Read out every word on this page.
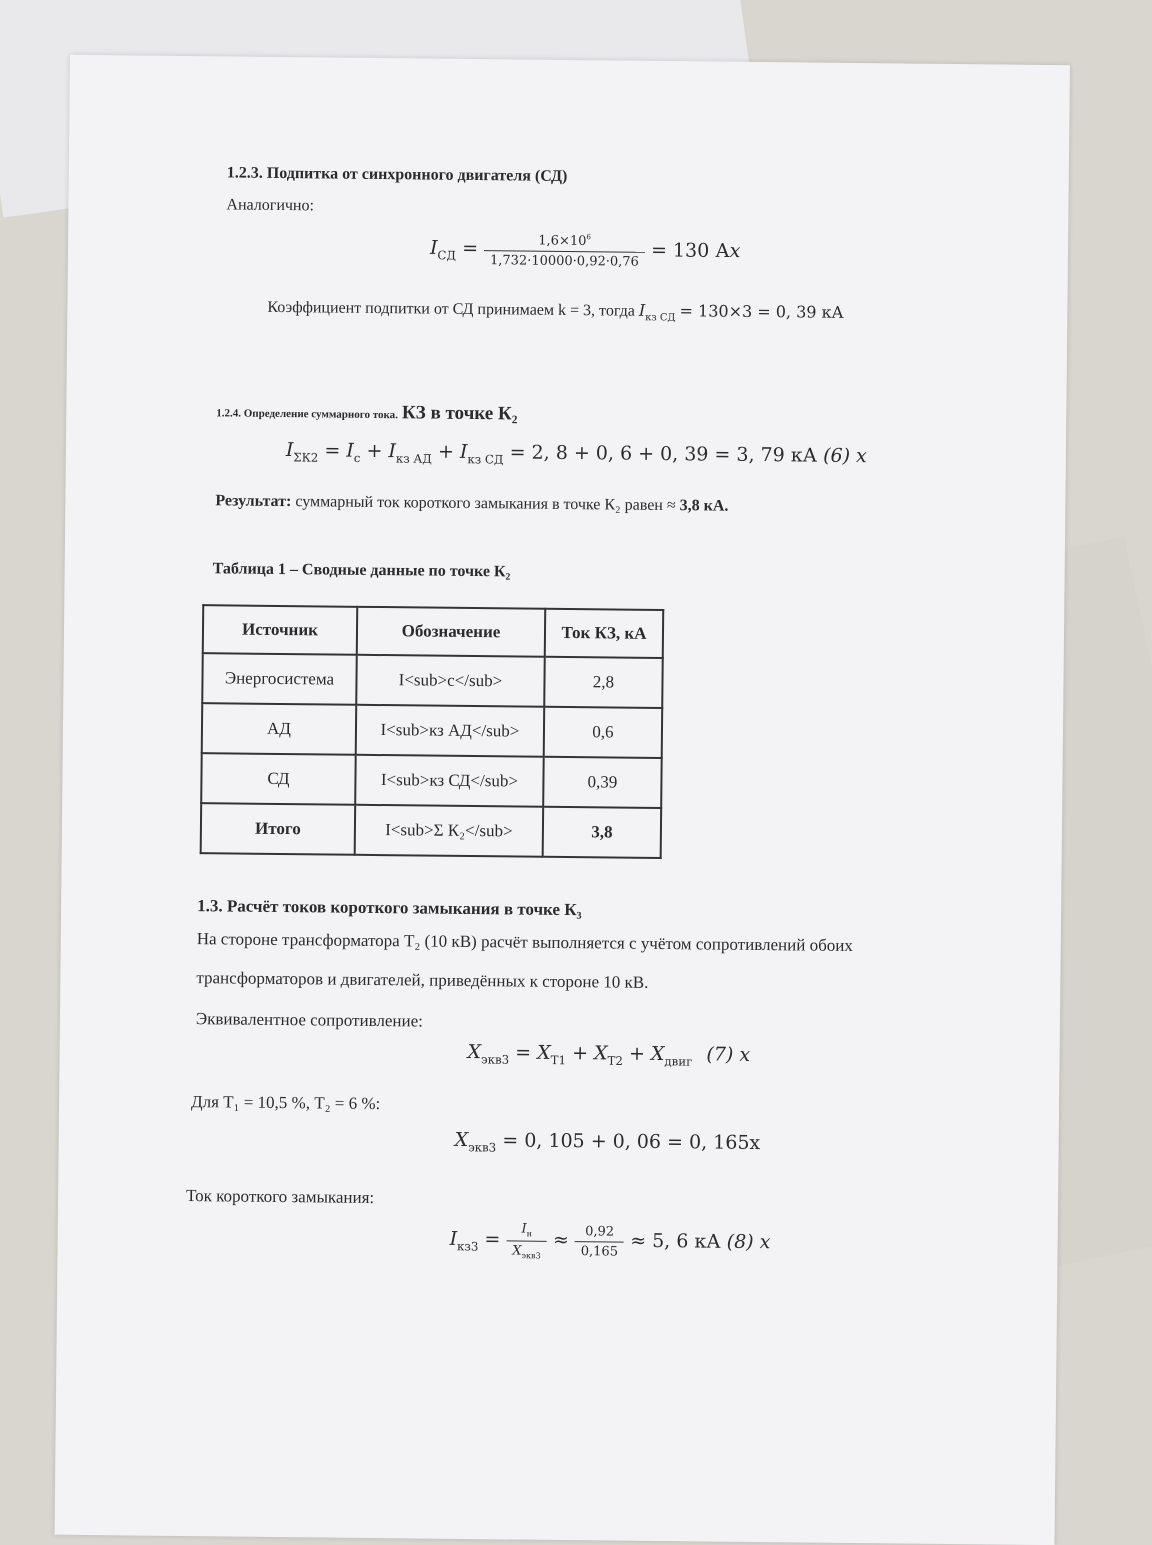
1.2.3. Подпитка от синхронного двигателя (СД)
Аналогично:
$I_{СД} = \frac{1,6\times 10^6}{1,732\cdot 10000\cdot 0,92\cdot 0,76} = 130$ Аx
Коэффициент подпитки от СД принимаем k = 3, тогда $I_{кз СД} = 130\times 3 = 0$, 39 кА
1.2.4. Определение суммарного тока. КЗ в точке К₂
$I_{\Sigma К2} = I_с + I_{кз АД} + I_{кз СД} = 2$, 8 + 0, 6 + 0, 39 = 3, 79 кА (6) x
Результат: суммарный ток короткого замыкания в точке К₂ равен ≈ 3,8 кА.
Таблица 1 – Сводные данные по точке К₂
Источник	Обозначение	Ток КЗ, кА
Энергосистема	I<sub>c</sub>	2,8
АД	I<sub>кз АД</sub>	0,6
СД	I<sub>кз СД</sub>	0,39
Итого	I<sub>Σ К₂</sub>	3,8
1.3. Расчёт токов короткого замыкания в точке К₃
На стороне трансформатора Т₂ (10 кВ) расчёт выполняется с учётом сопротивлений обоих
трансформаторов и двигателей, приведённых к стороне 10 кВ.
Эквивалентное сопротивление:
$X_{экв3} = X_{Т1} + X_{Т2} + X_{двиг}$ (7) x
Для Т₁ = 10,5 %, Т₂ = 6 %:
$X_{экв3} = 0$, 105 + 0, 06 = 0, 165x
Ток короткого замыкания:
$I_{кз3} = \frac{I_н}{X_{экв3}} \approx \frac{0,92}{0,165} \approx 5$, 6 кА (8) x
